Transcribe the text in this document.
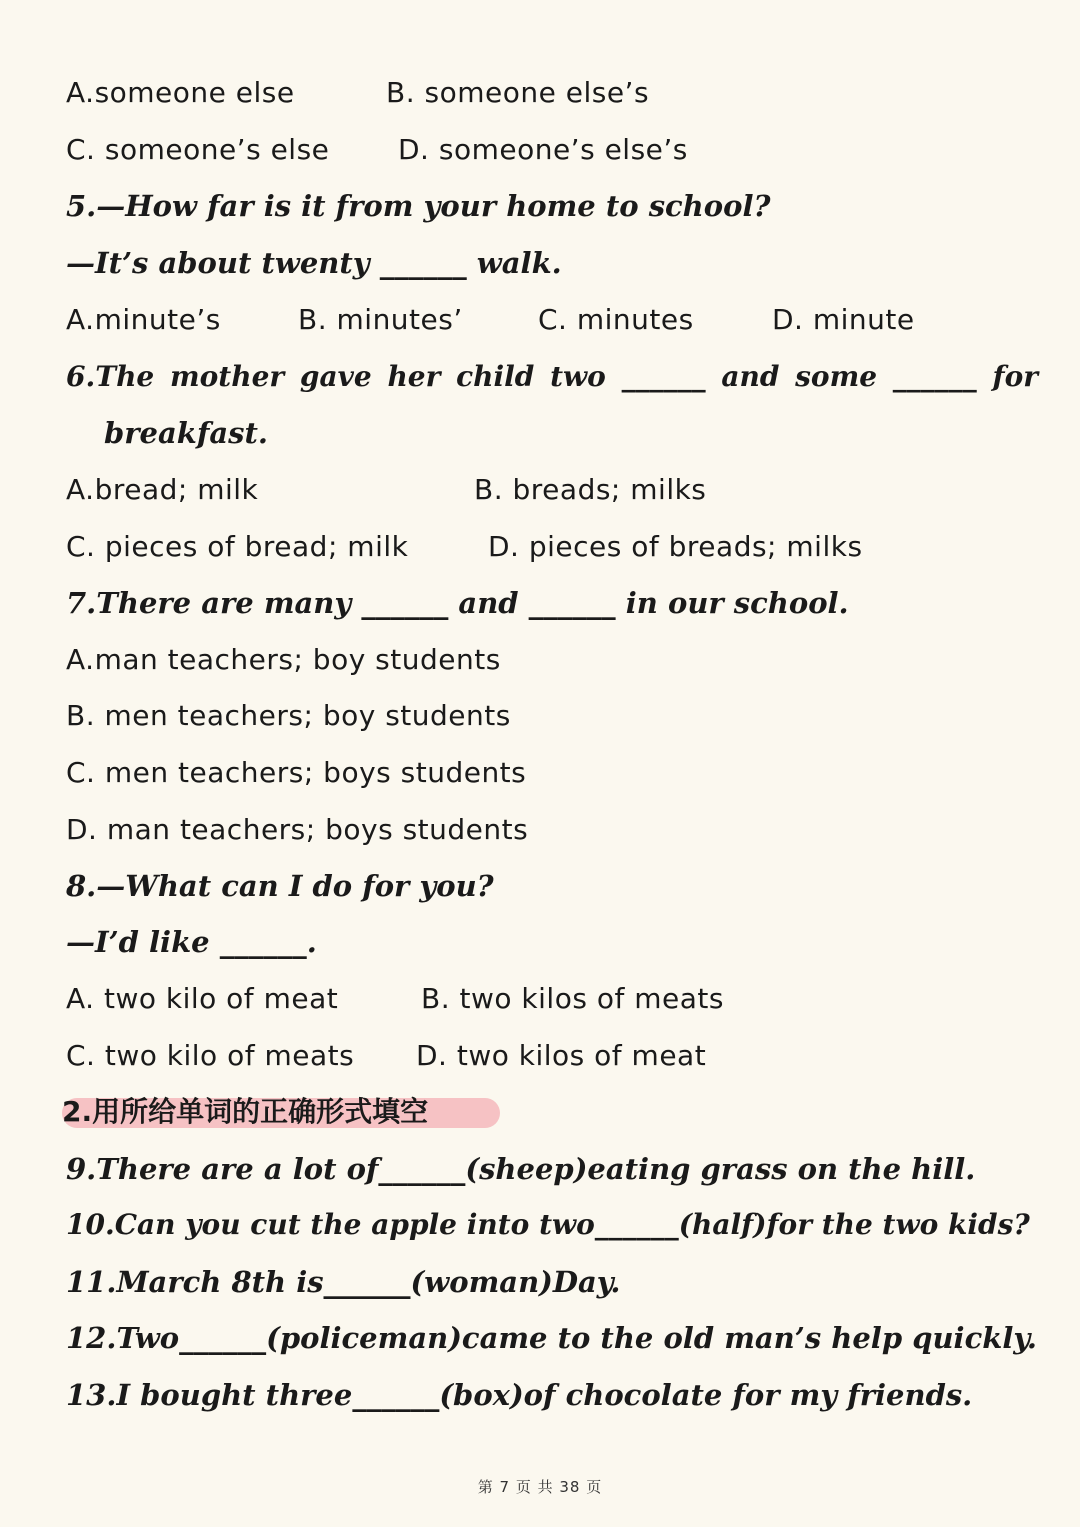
A.someone else	B. someone else’s
C. someone’s else D. someone’s else’s
5.—How far is it from your home to school?
—It’s about twenty ______ walk.
A.minute’s	B. minutes’	C. minutes	D. minute
6.The mother gave her child two ______ and some ______ for
breakfast.
A.bread; milk	B. breads; milks
C. pieces of bread; milk	D. pieces of breads; milks
7.There are many ______ and ______ in our school.
A.man teachers; boy students
B. men teachers; boy students
C. men teachers; boys students
D. man teachers; boys students
8.—What can I do for you?
—I’d like ______.
A. two kilo of meat	B. two kilos of meats
C. two kilo of meats D. two kilos of meat
2.用所给单词的正确形式填空
9.There are a lot of______(sheep)eating grass on the hill.
10.Can you cut the apple into two______(half)for the two kids?
11.March 8th is______(woman)Day.
12.Two______(policeman)came to the old man’s help quickly.
13.I bought three______(box)of chocolate for my friends.
第 7 页 共 38 页
